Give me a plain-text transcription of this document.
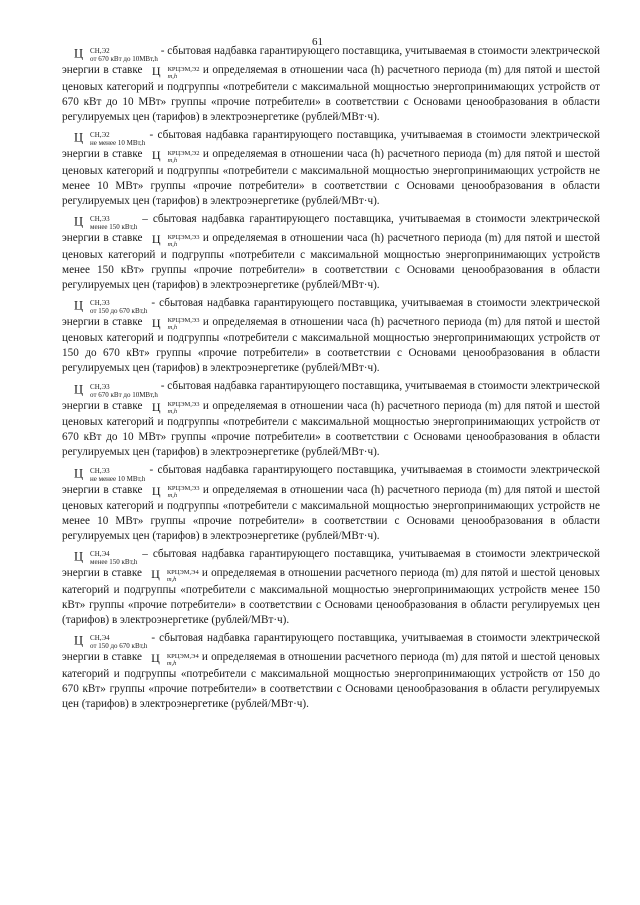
61

Ц	СН,Э2
от 670 кВт до 10МВт,h
- сбытовая надбавка гарантирующего поставщика, учитываемая в стоимости электрической энергии в ставке Ц	КРЦЭМ,Э2
m,h	и определяемая в отношении часа (h) расчетного периода (m) для пятой и шестой ценовых категорий и подгруппы «потребители с максимальной мощностью энергопринимающих устройств от 670 кВт до 10 МВт» группы «прочие потребители» в соответствии с Основами ценообразования в области регулируемых цен (тарифов) в электроэнергетике (рублей/МВт·ч).

Ц	СН,Э2
не менее 10 МВт,h
- сбытовая надбавка гарантирующего поставщика, учитываемая в стоимости электрической энергии в ставке Ц	КРЦЭМ,Э2
m,h	и определяемая в отношении часа (h) расчетного периода (m) для пятой и шестой ценовых категорий и подгруппы «потребители с максимальной мощностью энергопринимающих устройств не менее 10 МВт» группы «прочие потребители» в соответствии с Основами ценообразования в области регулируемых цен (тарифов) в электроэнергетике (рублей/МВт·ч).

Ц	СН,Э3
менее 150 кВт,h
– сбытовая надбавка гарантирующего поставщика, учитываемая в стоимости электрической энергии в ставке Ц	КРЦЭМ,Э3
m,h	и определяемая в отношении часа (h) расчетного периода (m) для пятой и шестой ценовых категорий и подгруппы «потребители с максимальной мощностью энергопринимающих устройств менее 150 кВт» группы «прочие потребители» в соответствии с Основами ценообразования в области регулируемых цен (тарифов) в электроэнергетике (рублей/МВт·ч).

Ц	СН,Э3
от 150 до 670 кВт,h
- сбытовая надбавка гарантирующего поставщика, учитываемая в стоимости электрической энергии в ставке Ц	КРЦЭМ,Э3
m,h	и определяемая в отношении часа (h) расчетного периода (m) для пятой и шестой ценовых категорий и подгруппы «потребители с максимальной мощностью энергопринимающих устройств от 150 до 670 кВт» группы «прочие потребители» в соответствии с Основами ценообразования в области регулируемых цен (тарифов) в электроэнергетике (рублей/МВт·ч).

Ц	СН,Э3
от 670 кВт до 10МВт,h
- сбытовая надбавка гарантирующего поставщика, учитываемая в стоимости электрической энергии в ставке Ц	КРЦЭМ,Э3
m,h	и определяемая в отношении часа (h) расчетного периода (m) для пятой и шестой ценовых категорий и подгруппы «потребители с максимальной мощностью энергопринимающих устройств от 670 кВт до 10 МВт» группы «прочие потребители» в соответствии с Основами ценообразования в области регулируемых цен (тарифов) в электроэнергетике (рублей/МВт·ч).

Ц	СН,Э3
не менее 10 МВт,h
- сбытовая надбавка гарантирующего поставщика, учитываемая в стоимости электрической энергии в ставке Ц	КРЦЭМ,Э3
m,h	и определяемая в отношении часа (h) расчетного периода (m) для пятой и шестой ценовых категорий и подгруппы «потребители с максимальной мощностью энергопринимающих устройств не менее 10 МВт» группы «прочие потребители» в соответствии с Основами ценообразования в области регулируемых цен (тарифов) в электроэнергетике (рублей/МВт·ч).

Ц	СН,Э4
менее 150 кВт,h
– сбытовая надбавка гарантирующего поставщика, учитываемая в стоимости электрической энергии в ставке Ц	КРЦЭМ,Э4
m,h	и определяемая в отношении расчетного периода (m) для пятой и шестой ценовых категорий и подгруппы «потребители с максимальной мощностью энергопринимающих устройств менее 150 кВт» группы «прочие потребители» в соответствии с Основами ценообразования в области регулируемых цен (тарифов) в электроэнергетике (рублей/МВт·ч).

Ц	СН,Э4
от 150 до 670 кВт,h
- сбытовая надбавка гарантирующего поставщика, учитываемая в стоимости электрической энергии в ставке Ц	КРЦЭМ,Э4
m,h	и определяемая в отношении расчетного периода (m) для пятой и шестой ценовых категорий и подгруппы «потребители с максимальной мощностью энергопринимающих устройств от 150 до 670 кВт» группы «прочие потребители» в соответствии с Основами ценообразования в области регулируемых цен (тарифов) в электроэнергетике (рублей/МВт·ч).
